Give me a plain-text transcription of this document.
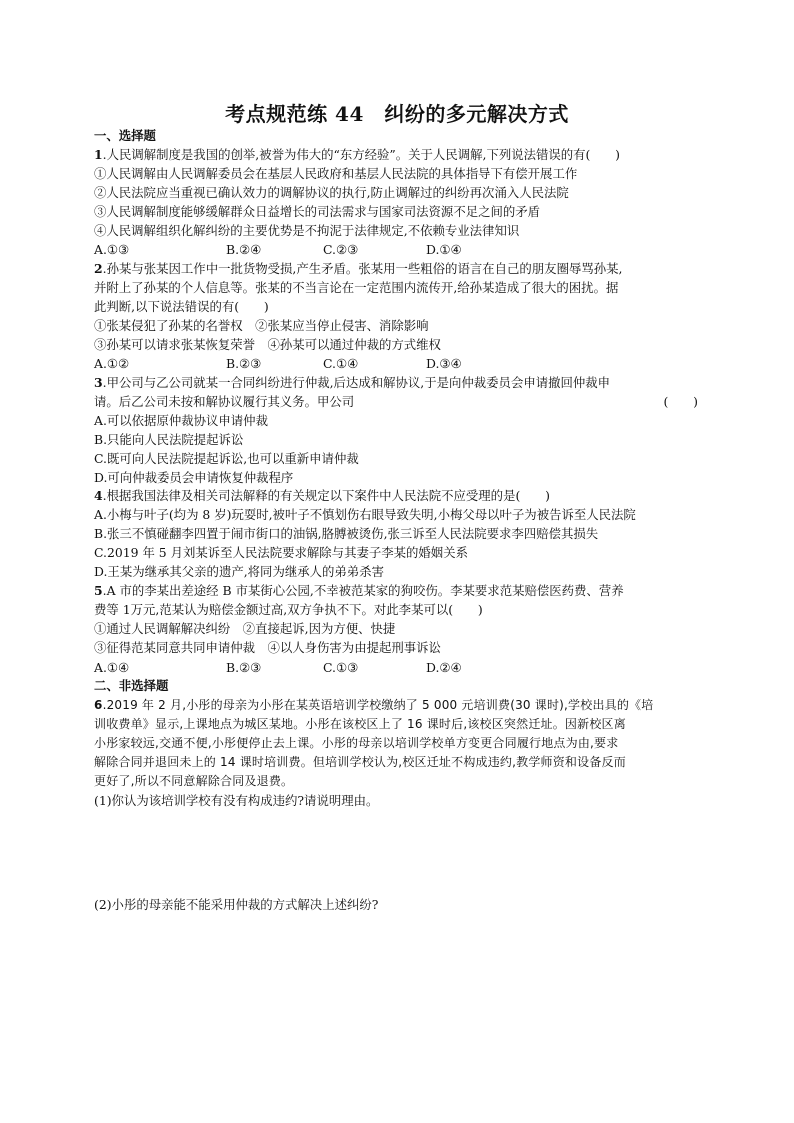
考点规范练 44　纠纷的多元解决方式
一、选择题
1.人民调解制度是我国的创举,被誉为伟大的“东方经验”。关于人民调解,下列说法错误的有(　　)
①人民调解由人民调解委员会在基层人民政府和基层人民法院的具体指导下有偿开展工作
②人民法院应当重视已确认效力的调解协议的执行,防止调解过的纠纷再次涌入人民法院
③人民调解制度能够缓解群众日益增长的司法需求与国家司法资源不足之间的矛盾
④人民调解组织化解纠纷的主要优势是不拘泥于法律规定,不依赖专业法律知识
A.①③	B.②④	C.②③	D.①④
2.孙某与张某因工作中一批货物受损,产生矛盾。张某用一些粗俗的语言在自己的朋友圈辱骂孙某,
并附上了孙某的个人信息等。张某的不当言论在一定范围内流传开,给孙某造成了很大的困扰。据
此判断,以下说法错误的有(　　)
①张某侵犯了孙某的名誉权　②张某应当停止侵害、消除影响
③孙某可以请求张某恢复荣誉　④孙某可以通过仲裁的方式维权
A.①②	B.②③	C.①④	D.③④
3.甲公司与乙公司就某一合同纠纷进行仲裁,后达成和解协议,于是向仲裁委员会申请撤回仲裁申
请。后乙公司未按和解协议履行其义务。甲公司	(　　)
A.可以依据原仲裁协议申请仲裁
B.只能向人民法院提起诉讼
C.既可向人民法院提起诉讼,也可以重新申请仲裁
D.可向仲裁委员会申请恢复仲裁程序
4.根据我国法律及相关司法解释的有关规定以下案件中人民法院不应受理的是(　　)
A.小梅与叶子(均为 8 岁)玩耍时,被叶子不慎划伤右眼导致失明,小梅父母以叶子为被告诉至人民法院
B.张三不慎碰翻李四置于闹市街口的油锅,胳膊被烫伤,张三诉至人民法院要求李四赔偿其损失
C.2019 年 5 月刘某诉至人民法院要求解除与其妻子李某的婚姻关系
D.王某为继承其父亲的遗产,将同为继承人的弟弟杀害
5.A 市的李某出差途经 B 市某街心公园,不幸被范某家的狗咬伤。李某要求范某赔偿医药费、营养
费等 1万元,范某认为赔偿金额过高,双方争执不下。对此李某可以(　　)
①通过人民调解解决纠纷　②直接起诉,因为方便、快捷
③征得范某同意共同申请仲裁　④以人身伤害为由提起刑事诉讼
A.①④	B.②③	C.①③	D.②④
二、非选择题
6.2019 年 2 月,小彤的母亲为小彤在某英语培训学校缴纳了 5 000 元培训费(30 课时),学校出具的《培
训收费单》显示,上课地点为城区某地。小彤在该校区上了 16 课时后,该校区突然迁址。因新校区离
小彤家较远,交通不便,小彤便停止去上课。小彤的母亲以培训学校单方变更合同履行地点为由,要求
解除合同并退回未上的 14 课时培训费。但培训学校认为,校区迁址不构成违约,教学师资和设备反而
更好了,所以不同意解除合同及退费。
(1)你认为该培训学校有没有构成违约?请说明理由。
(2)小彤的母亲能不能采用仲裁的方式解决上述纠纷?
